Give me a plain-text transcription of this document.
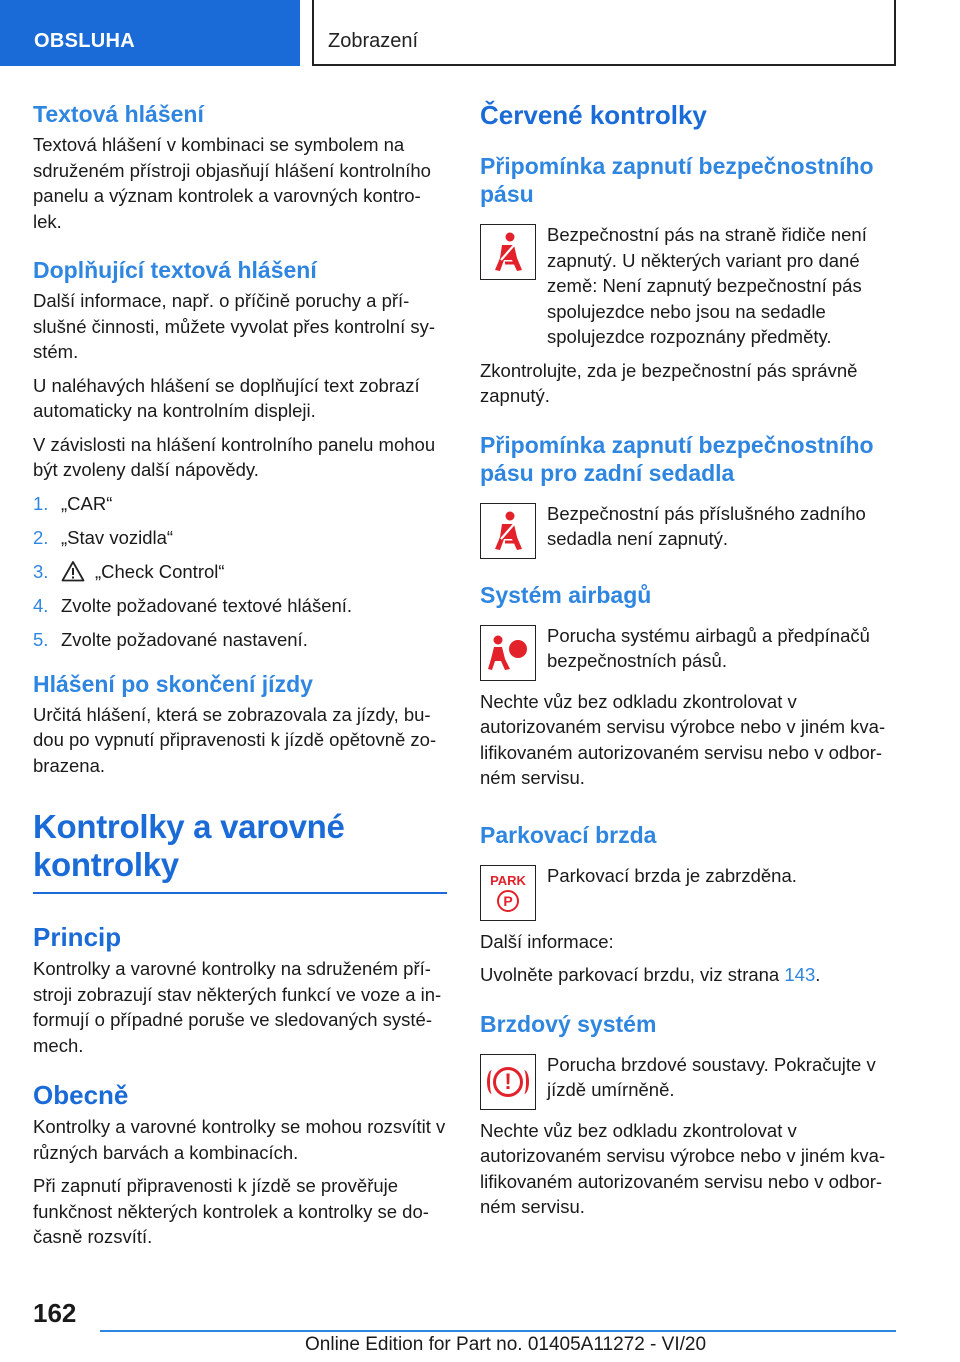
OBSLUHA	Zobrazení
Textová hlášení

Textová hlášení v kombinaci se symbolem na sdruženém přístroji objasňují hlášení kontrolního panelu a význam kontrolek a varovných kontro-lek.

Doplňující textová hlášení

Další informace, např. o příčině poruchy a pří-slušné činnosti, můžete vyvolat přes kontrolní sy-stém.

U naléhavých hlášení se doplňující text zobrazí automaticky na kontrolním displeji.

V závislosti na hlášení kontrolního panelu mohou být zvoleny další nápovědy.

1. „CAR“
2. „Stav vozidla“
3.	„Check Control“
4. Zvolte požadované textové hlášení.
5. Zvolte požadované nastavení.
Hlášení po skončení jízdy

Určitá hlášení, která se zobrazovala za jízdy, bu-dou po vypnutí připravenosti k jízdě opětovně zo-brazena.

Kontrolky a varovné
kontrolky
Princip

Kontrolky a varovné kontrolky na sdruženém pří-stroji zobrazují stav některých funkcí ve voze a in-formují o případné poruše ve sledovaných systé-mech.

Obecně

Kontrolky a varovné kontrolky se mohou rozsvítit v různých barvách a kombinacích.

Při zapnutí připravenosti k jízdě se prověřuje funkčnost některých kontrolek a kontrolky se do-časně rozsvítí.

Červené kontrolky
Připomínka zapnutí bezpečnostního pásu

Bezpečnostní pás na straně řidiče není zapnutý. U některých variant pro dané země: Není zapnutý bezpečnostní pás spolujezdce nebo jsou na sedadle spolujezdce rozpoznány předměty.

Zkontrolujte, zda je bezpečnostní pás správně zapnutý.

Připomínka zapnutí bezpečnostního pásu pro zadní sedadla

Bezpečnostní pás příslušného zadního sedadla není zapnutý.

Systém airbagů

Porucha systému airbagů a předpínačů bezpečnostních pásů.

Nechte vůz bez odkladu zkontrolovat v autorizovaném servisu výrobce nebo v jiném kva-lifikovaném autorizovaném servisu nebo v odbor-ném servisu.

Parkovací brzda
PARK
P

Parkovací brzda je zabrzděna.

Další informace:

Uvolněte parkovací brzdu, viz strana 143.

Brzdový systém
!

Porucha brzdové soustavy. Pokračujte v jízdě umírněně.

Nechte vůz bez odkladu zkontrolovat v autorizovaném servisu výrobce nebo v jiném kva-lifikovaném autorizovaném servisu nebo v odbor-ném servisu.

162
Online Edition for Part no. 01405A11272 - VI/20
